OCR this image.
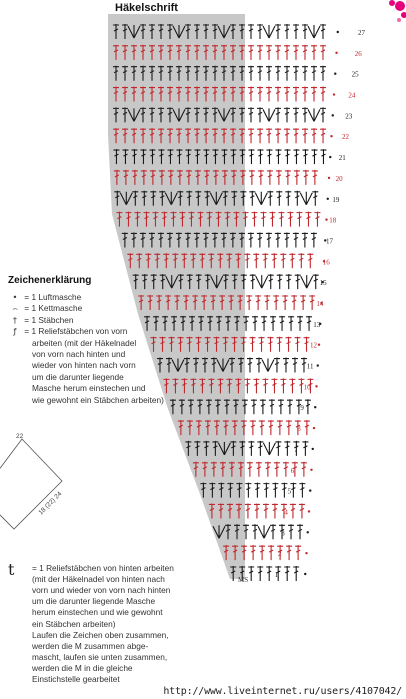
Häkelschrift
27
26
25
24
23
22
21
20
19
18
17
16
15
14
13
12
11
10
9
8
7
6
5
4
3
2
1
MS
Zeichenerklärung
• = 1 Luftmasche
⌢ = 1 Kettmasche
† = 1 Stäbchen
ƒ = 1 Reliefstäbchen von vorn
arbeiten (mit der Häkelnadel
von vorn nach hinten und
wieder von hinten nach vorn
um die darunter liegende
Masche herum einstechen und
wie gewohnt ein Stäbchen arbeiten)
22
18 (22) 24
t = 1 Reliefstäbchen von hinten arbeiten
(mit der Häkelnadel von hinten nach
vorn und wieder von vorn nach hinten
um die darunter liegende Masche
herum einstechen und wie gewohnt
ein Stäbchen arbeiten)
Laufen die Zeichen oben zusammen,
werden die M zusammen abge-
mascht, laufen sie unten zusammen,
werden die M in die gleiche
Einstichstelle gearbeitet
http://www.liveinternet.ru/users/4107042/
